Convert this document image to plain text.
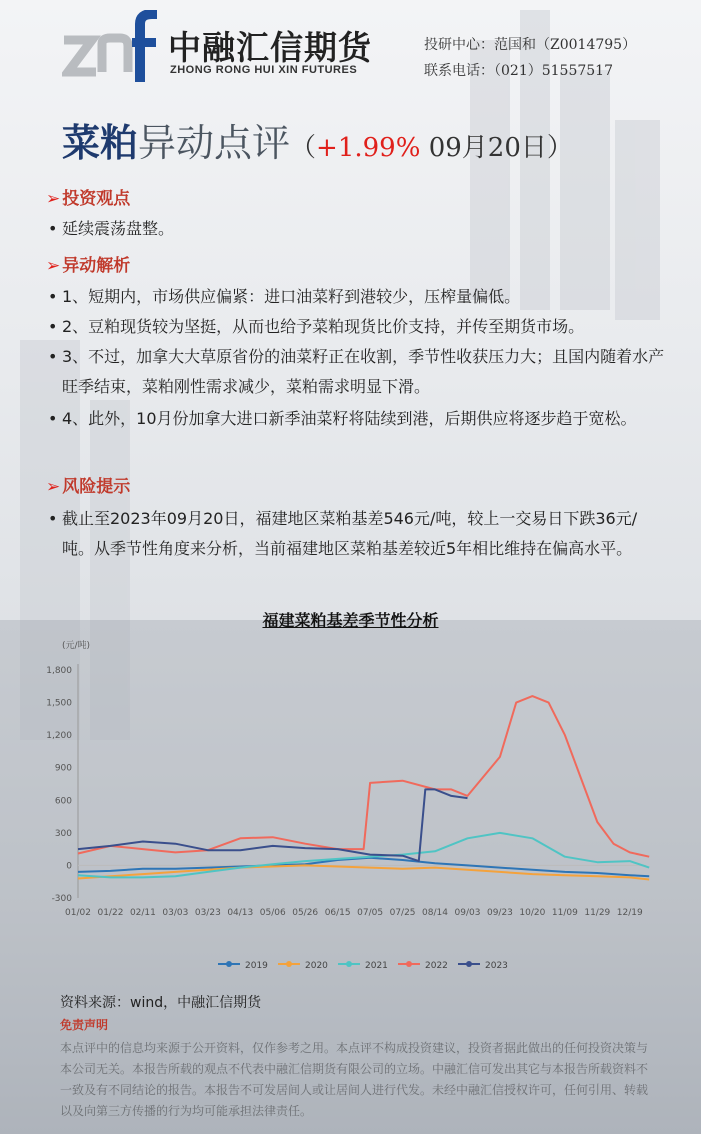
中融汇信期货
ZHONG RONG HUI XIN FUTURES
投研中心：范国和（Z0014795）
联系电话：（021）51557517
菜粕异动点评（+1.99% 09月20日）
➢ 投资观点
• 延续震荡盘整。
➢ 异动解析
• 1、短期内，市场供应偏紧：进口油菜籽到港较少，压榨量偏低。
• 2、豆粕现货较为坚挺，从而也给予菜粕现货比价支持，并传至期货市场。
• 3、不过，加拿大大草原省份的油菜籽正在收割，季节性收获压力大；且国内随着水产旺季结束，菜粕刚性需求减少，菜粕需求明显下滑。
• 4、此外，10月份加拿大进口新季油菜籽将陆续到港，后期供应将逐步趋于宽松。
➢ 风险提示
• 截止至2023年09月20日，福建地区菜粕基差546元/吨，较上一交易日下跌36元/吨。从季节性角度来分析，当前福建地区菜粕基差较近5年相比维持在偏高水平。
福建菜粕基差季节性分析
(元/吨)
-300
0
300
600
900
1,200
1,500
1,800
01/02 01/22 02/11 03/03 03/23 04/13 05/06 05/26 06/15 07/05 07/25 08/14 09/03 09/23 10/20 11/09 11/29 12/19
2019	2020	2021	2022	2023
资料来源：wind，中融汇信期货
免责声明
本点评中的信息均来源于公开资料，仅作参考之用。本点评不构成投资建议，投资者据此做出的任何投资决策与本公司无关。本报告所载的观点不代表中融汇信期货有限公司的立场。中融汇信可发出其它与本报告所载资料不一致及有不同结论的报告。本报告不可发居间人或让居间人进行代发。未经中融汇信授权许可，任何引用、转载以及向第三方传播的行为均可能承担法律责任。
